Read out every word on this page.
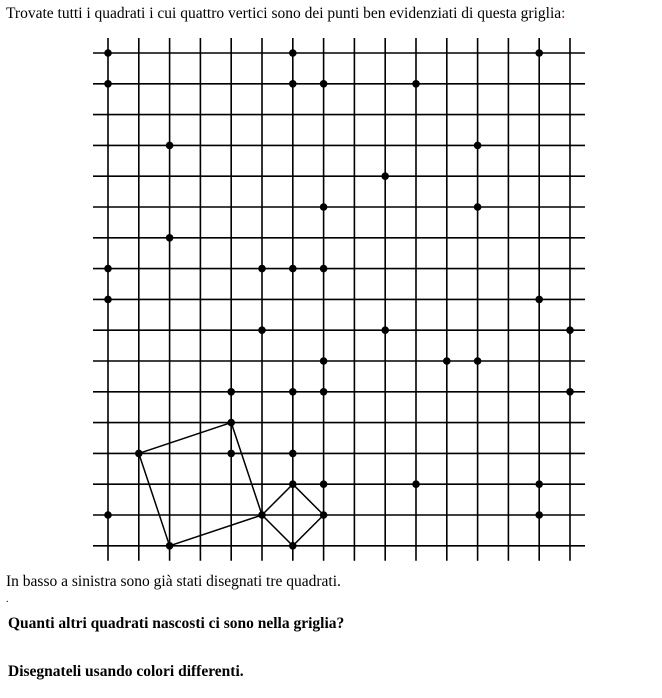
Trovate tutti i quadrati i cui quattro vertici sono dei punti ben evidenziati di questa griglia:
In basso a sinistra sono già stati disegnati tre quadrati.
.
Quanti altri quadrati nascosti ci sono nella griglia?
Disegnateli usando colori differenti.
